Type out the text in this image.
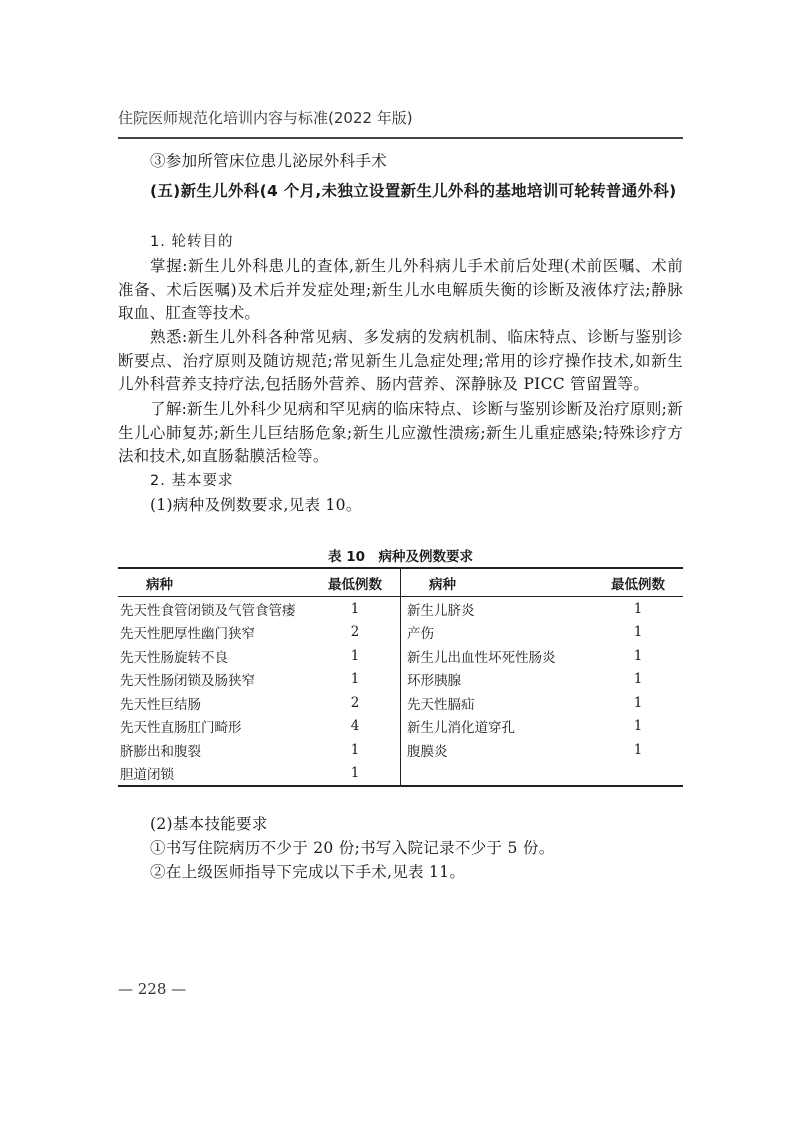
住院医师规范化培训内容与标准(2022 年版)
③参加所管床位患儿泌尿外科手术
(五)新生儿外科(4 个月,未独立设置新生儿外科的基地培训可轮转普通外科)
1. 轮转目的
掌握:新生儿外科患儿的查体,新生儿外科病儿手术前后处理(术前医嘱、术前准备、术后医嘱)及术后并发症处理;新生儿水电解质失衡的诊断及液体疗法;静脉取血、肛查等技术。
熟悉:新生儿外科各种常见病、多发病的发病机制、临床特点、诊断与鉴别诊断要点、治疗原则及随访规范;常见新生儿急症处理;常用的诊疗操作技术,如新生儿外科营养支持疗法,包括肠外营养、肠内营养、深静脉及 PICC 管留置等。
了解:新生儿外科少见病和罕见病的临床特点、诊断与鉴别诊断及治疗原则;新生儿心肺复苏;新生儿巨结肠危象;新生儿应激性溃疡;新生儿重症感染;特殊诊疗方法和技术,如直肠黏膜活检等。
2. 基本要求
(1)病种及例数要求,见表 10。
表 10　病种及例数要求
病种	最低例数
先天性食管闭锁及气管食管瘘	1
先天性肥厚性幽门狭窄	2
先天性肠旋转不良	1
先天性肠闭锁及肠狭窄	1
先天性巨结肠	2
先天性直肠肛门畸形	4
脐膨出和腹裂	1
胆道闭锁	1
病种	最低例数
新生儿脐炎	1
产伤	1
新生儿出血性坏死性肠炎	1
环形胰腺	1
先天性膈疝	1
新生儿消化道穿孔	1
腹膜炎	1
(2)基本技能要求
①书写住院病历不少于 20 份;书写入院记录不少于 5 份。
②在上级医师指导下完成以下手术,见表 11。
— 228 —
